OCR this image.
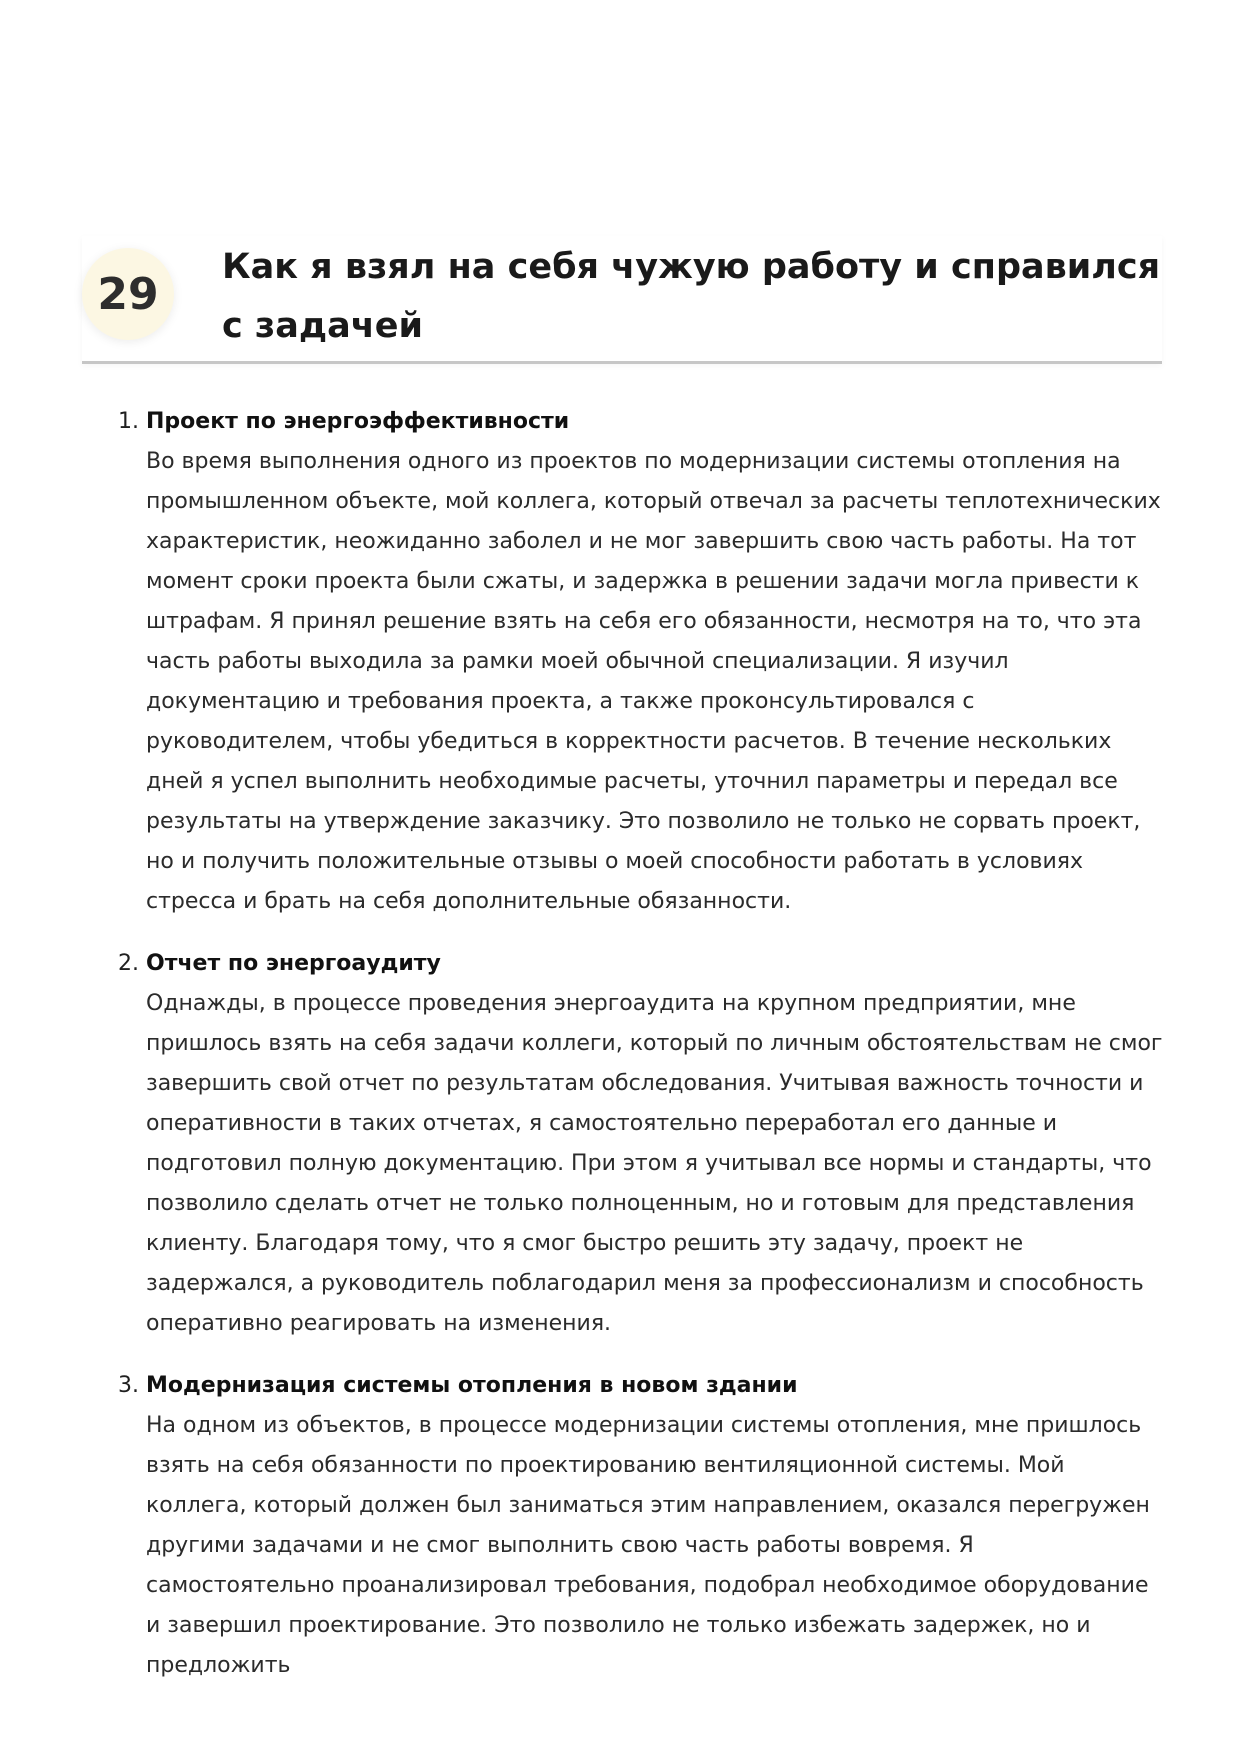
29
Как я взял на себя чужую работу и справился с задачей
1. Проект по энергоэффективности

Во время выполнения одного из проектов по модернизации системы отопления на промышленном объекте, мой коллега, который отвечал за расчеты теплотехнических характеристик, неожиданно заболел и не мог завершить свою часть работы. На тот момент сроки проекта были сжаты, и задержка в решении задачи могла привести к штрафам. Я принял решение взять на себя его обязанности, несмотря на то, что эта часть работы выходила за рамки моей обычной специализации. Я изучил документацию и требования проекта, а также проконсультировался с руководителем, чтобы убедиться в корректности расчетов. В течение нескольких дней я успел выполнить необходимые расчеты, уточнил параметры и передал все результаты на утверждение заказчику. Это позволило не только не сорвать проект, но и получить положительные отзывы о моей способности работать в условиях стресса и брать на себя дополнительные обязанности.

2. Отчет по энергоаудиту

Однажды, в процессе проведения энергоаудита на крупном предприятии, мне пришлось взять на себя задачи коллеги, который по личным обстоятельствам не смог завершить свой отчет по результатам обследования. Учитывая важность точности и оперативности в таких отчетах, я самостоятельно переработал его данные и подготовил полную документацию. При этом я учитывал все нормы и стандарты, что позволило сделать отчет не только полноценным, но и готовым для представления клиенту. Благодаря тому, что я смог быстро решить эту задачу, проект не задержался, а руководитель поблагодарил меня за профессионализм и способность оперативно реагировать на изменения.

3. Модернизация системы отопления в новом здании

На одном из объектов, в процессе модернизации системы отопления, мне пришлось взять на себя обязанности по проектированию вентиляционной системы. Мой коллега, который должен был заниматься этим направлением, оказался перегружен другими задачами и не смог выполнить свою часть работы вовремя. Я самостоятельно проанализировал требования, подобрал необходимое оборудование и завершил проектирование. Это позволило не только избежать задержек, но и предложить
